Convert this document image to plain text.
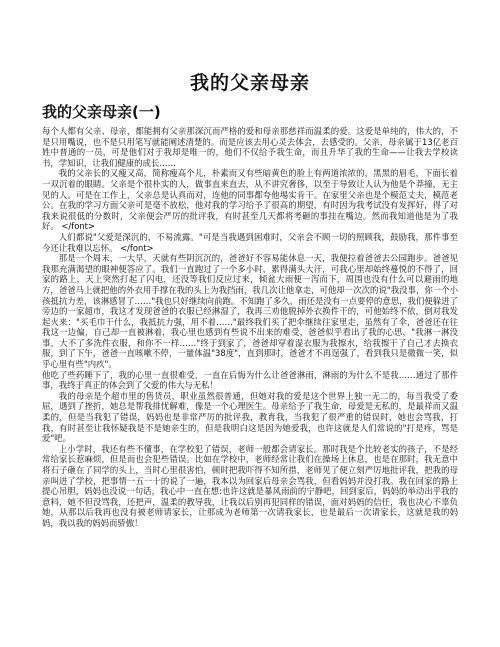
我的父亲母亲
我的父亲母亲(一)

每个人都有父亲、母亲，都能拥有父亲那深沉而严格的爱和母亲那慈祥而温柔的爱。这爱是单纯的，伟大的，不是只用嘴说，也不是只用笔写就能阐述清楚的。而是应该去用心灵去体会，去感受的。父亲，母亲属于13亿老百姓中普通的一员，可是他们对于我却是唯一的，他们不仅给予我生命，而且升华了我的生命——让我去学校读书，学知识，让我们健康的成长……

我的父亲长的又瘦又高，简称瘦高个儿，朴素而又有些暗黄色的脸上有两道浓浓的，黑黑的眉毛，下面长着一双沉着的眼睛。父亲是个很朴实的人，做事直来直去，从不讲究奢侈，以至于导致让人认为他是个莽撞，无主见的人。可是在工作上，父亲总是认真而对，连他的同事都夸他埸实肯干。在家里父亲也是个模范丈夫，模范老公。在我的学习方面父亲可是毫不放松，他对我的学习给予了很高的期望，有时因为我考试没有发挥好，得了对我来说很低的分数时，父亲便会严厉的批评我，有时甚至几天都将考砸的事挂在嘴边。然而我知道他是为了我好。 </font>

人们都说"父爱是深沉的，不易流露。"可是当我遇到困难时，父亲会不顾一切的照顾我，鼓励我，那件事至今还让我难以忘怀。 </font>

那是一个周末，一大早，天就有些阴沉沉的，爸爸好不容易能休息一天，我便拉着爸爸去公园跑步。爸爸见我那充满渴望的眼神便答应了。我们一直跑过了一个多小时，累得满头大汗，可我心里却始终蔓悦的不得了，回家的路上，天上突然打起了闪电，还没等我们反应过来，倾盆大雨便一泻而下，周围也没有什么可以避雨的地方，爸爸马上就把他的外衣用手撑在我的头上为我挡雨，我几次让他拿走，可他却一次次的说"我没事，你一个小孩抵抗力差，该淋感冒了……"我也只好继续向前跑。不知跑了多久，雨还是没有一点要停的意思，我们便躲进了旁边的一家超市，我这才发现爸爸的衣服已经淋湿了，我再三劝他脱掉外衣换件干的，可他始终不依，倒对我发起火来："买毛巾干什么，我抵抗力强，用不着……"最终我们买了把伞继续往家里走，虽然有了伞，爸爸还在往我这一边偏，自己却一直被淋着，我心里也感到有些说不出来的难受，爸爸似乎看出了我的心思，"我淋一淋没事，大不了多洗件衣服，和你不一样……"终于到家了，爸爸却穿着湿衣服为我擦水，给我擦干了自己才去换衣服，到了下午，爸爸一直咳嗽不停，一量体温"38度"，直到那时，爸爸才不再逞强了，看到我只是微微一笑，似乎心里有些"内疚"。

他吃了些药睡下了，我的心里一直很难受，一直在后悔为什么让爸爸淋雨，淋雨的为什么不是我……通过了那件事，我终于真正的体会到了父爱的伟大与无私！

我的母亲是个超市里的售货员，职业虽然很普通，但她对我的爱是这个世界上独一无二的，每当我受了委屈，遇到了挫折，她总是帮我排忧解难，像是一个心理医生。母亲给予了我生命，母爱是无私的，是最祥而又温柔的，但是当我犯了错误，妈妈也是非常严厉的批评我，教育我，当我犯了很严重的错误时，她也会骂我，打我，有时甚至让我怀疑我是不是她亲生的，但是我明白这是因为她爱我，也许这就是人们常说的"打是疼，骂是爱"吧。

上小学时，我还有些不懂事，在学校犯了错误，老师一般都会请家长。那时我是个比较老实的孩子，不是经常给家长惹麻烦，但是而也会犯些错误。比如在学校中，老师经常让我们在操场上休息，也是在那时，我无意中将石子砸在了同学的头上，当时心里很害怕，顿时把我吓得不知所措，老师见了便立刻严厉地批评我，把我的母亲叫进了学校，把事情一五一十的说了一遍，我本以为回家后母亲会骂我，但看妈妈并没打我。我在回家的路上提心吊胆，妈妈也没说一句话，我心中一直在想:也许这就是暴风雨前的宁静吧，回到家后，妈妈的举动出乎我的意料，她不但没骂我，还把声，温柔的教导我，让我以后别再犯同样的错误，面对妈妈的信任，我也决心不辜负她，从那以后我再也没有被老师请家长，让那成为老师第一次请我家长，也是最后一次请家长，这就是我的妈妈，我以我的妈妈而骄傲！
